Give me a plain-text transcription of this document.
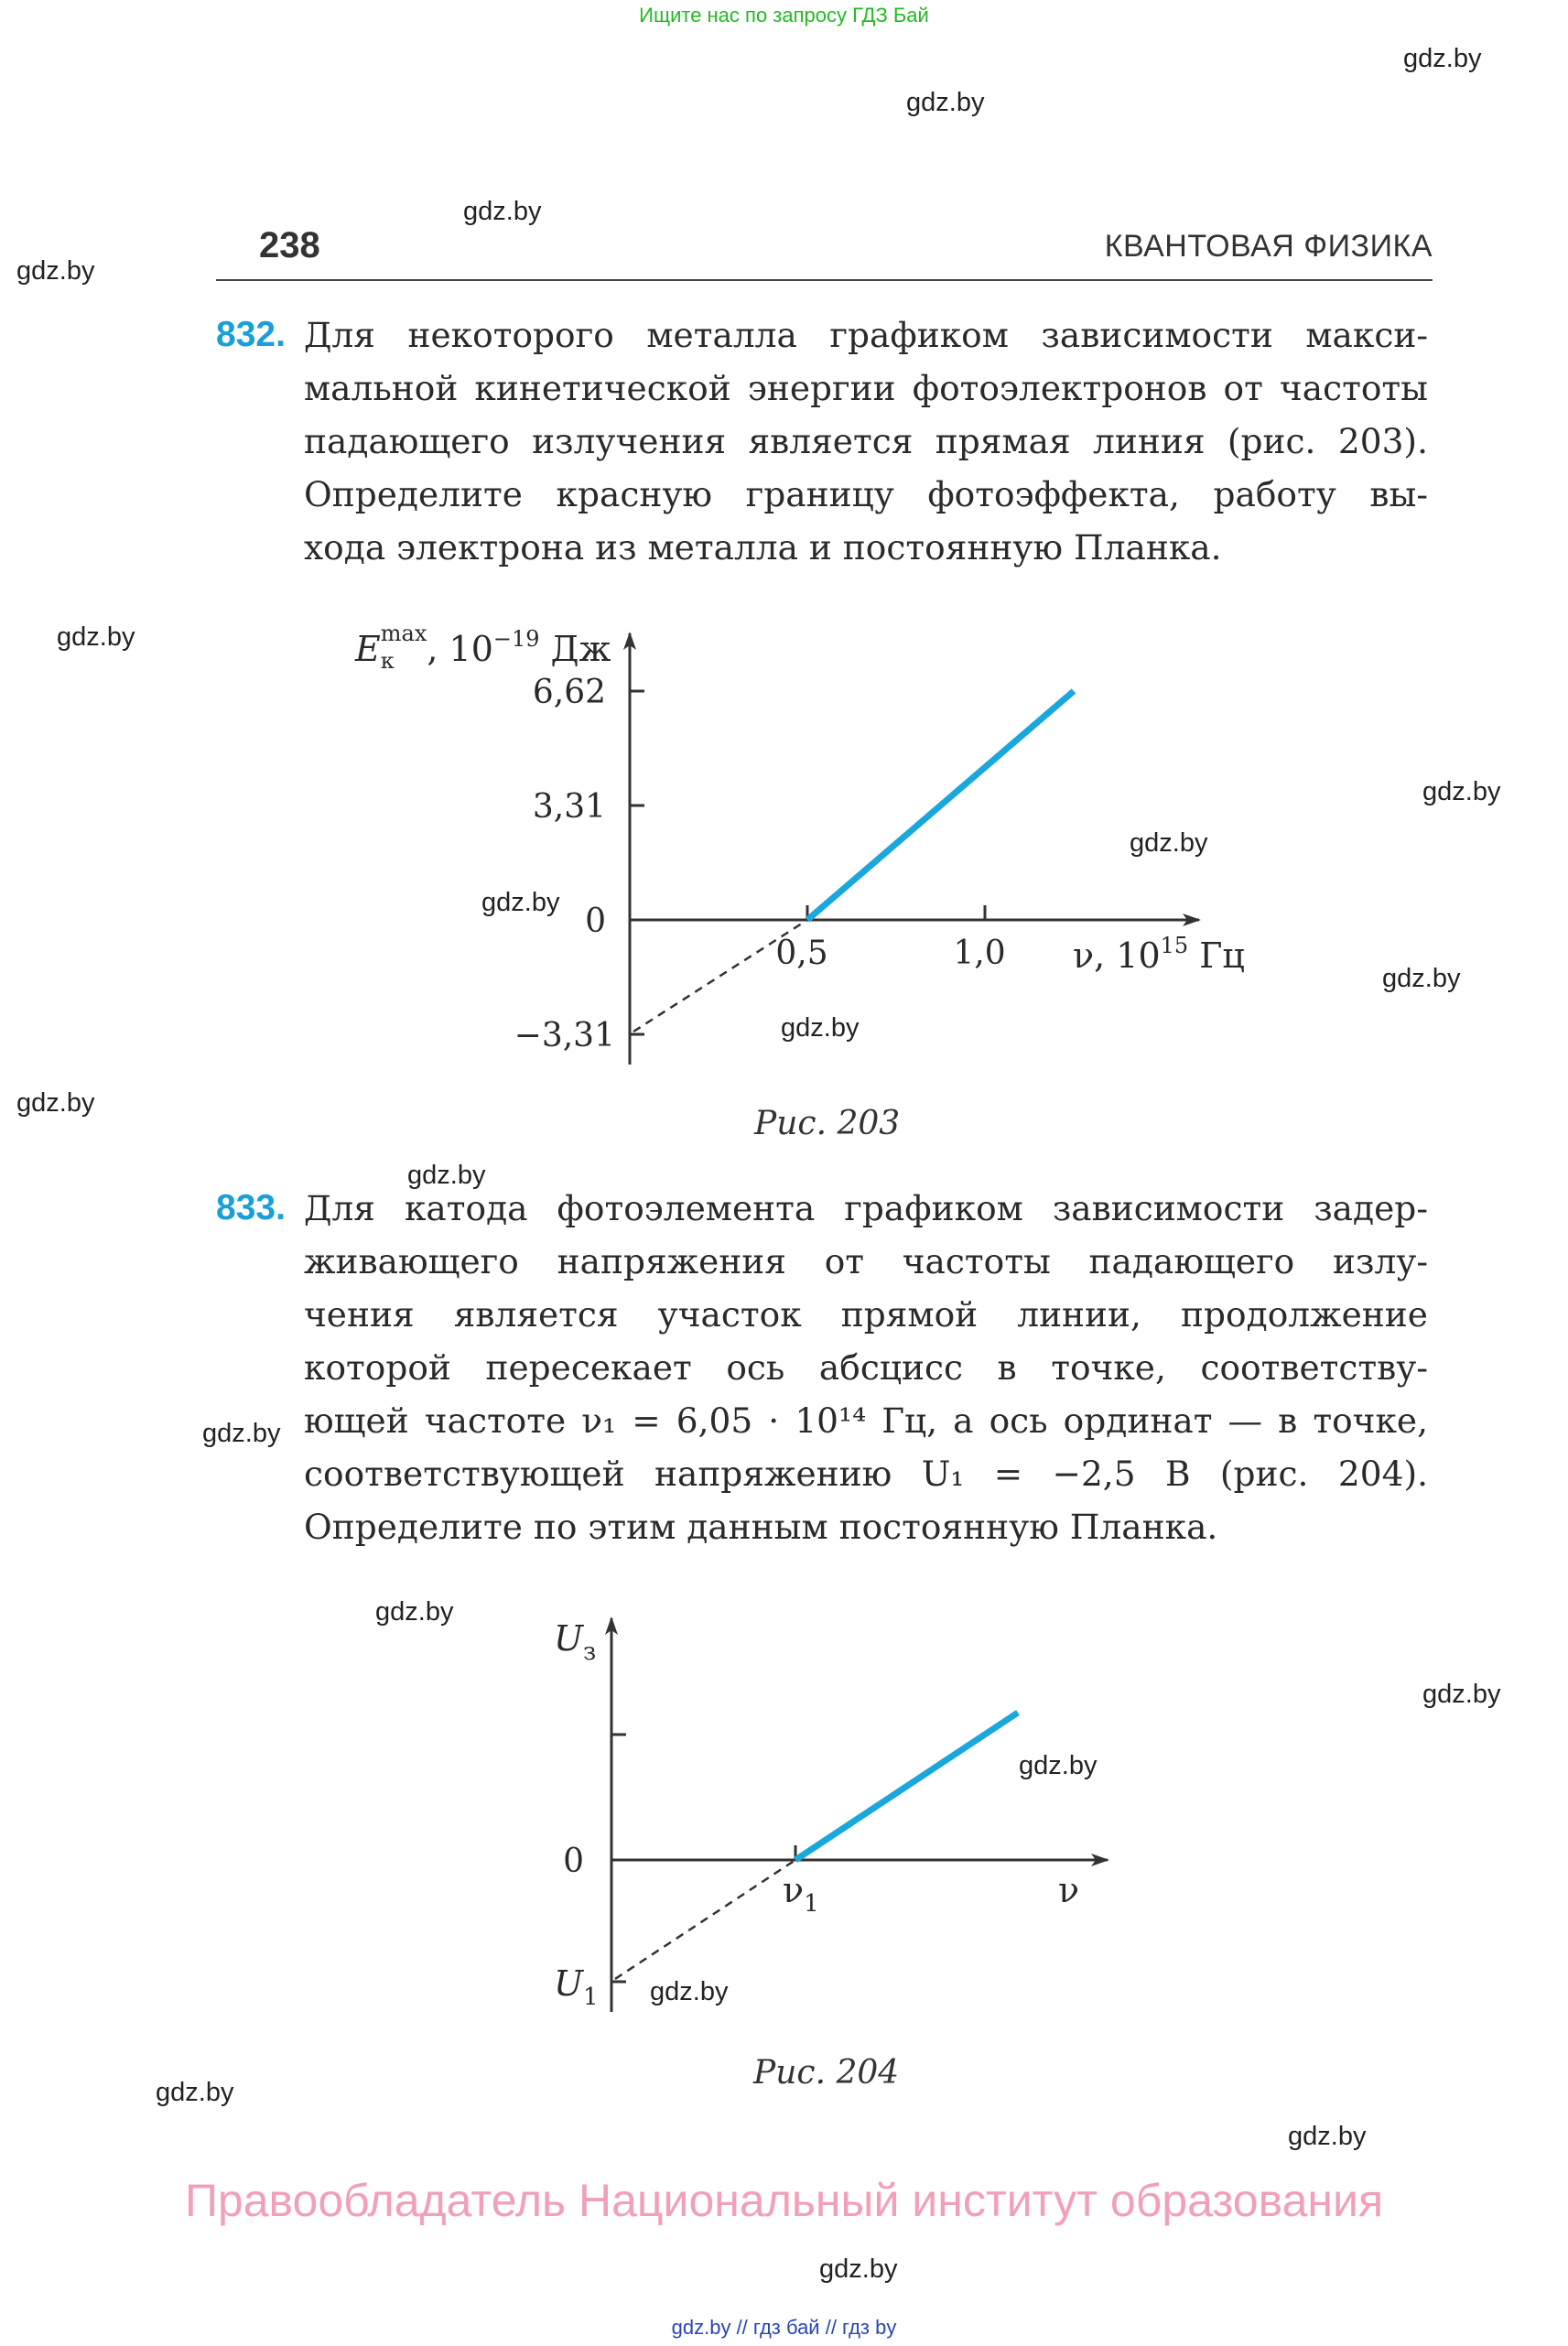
Ищите нас по запросу ГДЗ Бай
gdz.by
gdz.by
gdz.by
gdz.by
gdz.by
gdz.by
gdz.by
gdz.by
gdz.by
gdz.by
gdz.by
gdz.by
gdz.by
gdz.by
gdz.by
gdz.by
gdz.by
gdz.by
gdz.by
gdz.by
238	КВАНТОВАЯ ФИЗИКА
832. Для некоторого металла графиком зависимости макси-
мальной кинетической энергии фотоэлектронов от частоты
падающего излучения является прямая линия (рис. 203).
Определите красную границу фотоэффекта, работу вы-
хода электрона из металла и постоянную Планка.
6,62
3,31
0
−3,31
0,5	1,0
$E_к\max$, $10^{-19}$ Дж
ν, $10^{15}$ Гц
Рис. 203
833. Для катода фотоэлемента графиком зависимости задер-
живающего напряжения от частоты падающего излу-
чения является участок прямой линии, продолжение
которой пересекает ось абсцисс в точке, соответству-
ющей частоте ν₁ = 6,05 · 10¹⁴ Гц, а ось ординат — в точке,
соответствующей напряжению U₁ = −2,5 В (рис. 204).
Определите по этим данным постоянную Планка.
$U_з$
0
$U_1$
$\nu_1$	ν
Рис. 204
Правообладатель Национальный институт образования
gdz.by // гдз бай // гдз by
